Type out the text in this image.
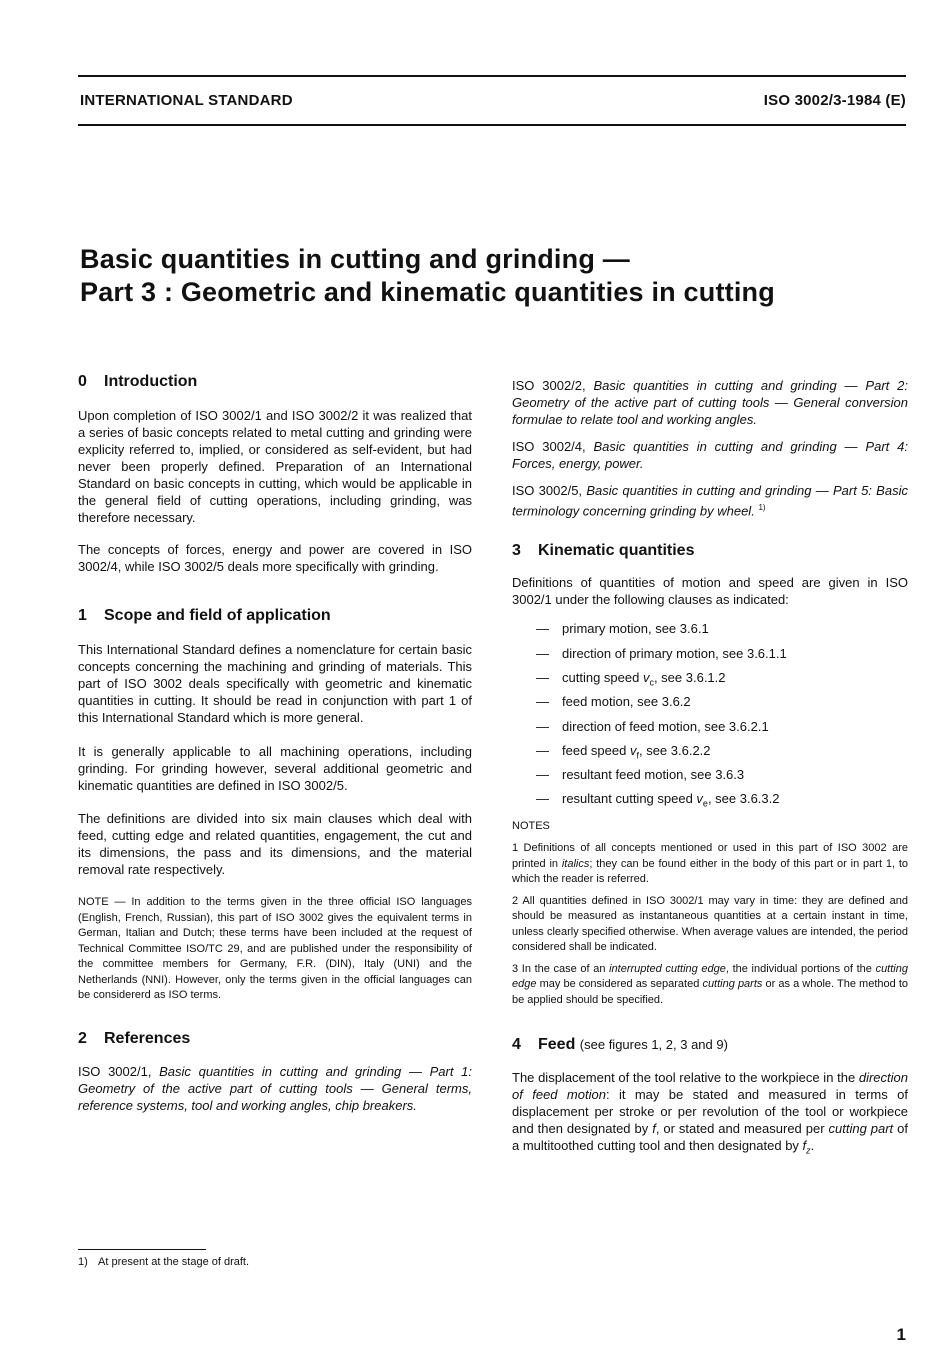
INTERNATIONAL STANDARD	ISO 3002/3-1984 (E)
Basic quantities in cutting and grinding —
Part 3 : Geometric and kinematic quantities in cutting
0 Introduction

Upon completion of ISO 3002/1 and ISO 3002/2 it was realized that a series of basic concepts related to metal cutting and grinding were explicity referred to, implied, or considered as self-evident, but had never been properly defined. Preparation of an International Standard on basic concepts in cutting, which would be applicable in the general field of cutting operations, including grinding, was therefore necessary.

The concepts of forces, energy and power are covered in ISO 3002/4, while ISO 3002/5 deals more specifically with grinding.

1 Scope and field of application

This International Standard defines a nomenclature for certain basic concepts concerning the machining and grinding of materials. This part of ISO 3002 deals specifically with geometric and kinematic quantities in cutting. It should be read in conjunction with part 1 of this International Standard which is more general.

It is generally applicable to all machining operations, including grinding. For grinding however, several additional geometric and kinematic quantities are defined in ISO 3002/5.

The definitions are divided into six main clauses which deal with feed, cutting edge and related quantities, engagement, the cut and its dimensions, the pass and its dimensions, and the material removal rate respectively.

NOTE — In addition to the terms given in the three official ISO languages (English, French, Russian), this part of ISO 3002 gives the equivalent terms in German, Italian and Dutch; these terms have been included at the request of Technical Committee ISO/TC 29, and are published under the responsibility of the committee members for Germany, F.R. (DIN), Italy (UNI) and the Netherlands (NNI). However, only the terms given in the official languages can be considererd as ISO terms.

2 References

ISO 3002/1, Basic quantities in cutting and grinding — Part 1: Geometry of the active part of cutting tools — General terms, reference systems, tool and working angles, chip breakers.

ISO 3002/2, Basic quantities in cutting and grinding — Part 2: Geometry of the active part of cutting tools — General conversion formulae to relate tool and working angles.

ISO 3002/4, Basic quantities in cutting and grinding — Part 4: Forces, energy, power.

ISO 3002/5, Basic quantities in cutting and grinding — Part 5: Basic terminology concerning grinding by wheel. $^{1)}$

3 Kinematic quantities

Definitions of quantities of motion and speed are given in ISO 3002/1 under the following clauses as indicated:

— primary motion, see 3.6.1
— direction of primary motion, see 3.6.1.1
— cutting speed $v_c$, see 3.6.1.2
— feed motion, see 3.6.2
— direction of feed motion, see 3.6.2.1
— feed speed $v_f$, see 3.6.2.2
— resultant feed motion, see 3.6.3
— resultant cutting speed $v_e$, see 3.6.3.2
NOTES

1 Definitions of all concepts mentioned or used in this part of ISO 3002 are printed in italics; they can be found either in the body of this part or in part 1, to which the reader is referred.

2 All quantities defined in ISO 3002/1 may vary in time: they are defined and should be measured as instantaneous quantities at a certain instant in time, unless clearly specified otherwise. When average values are intended, the period considered shall be indicated.

3 In the case of an interrupted cutting edge, the individual portions of the cutting edge may be considered as separated cutting parts or as a whole. The method to be applied should be specified.

4 Feed (see figures 1, 2, 3 and 9)

The displacement of the tool relative to the workpiece in the direction of feed motion: it may be stated and measured in terms of displacement per stroke or per revolution of the tool or workpiece and then designated by f, or stated and measured per cutting part of a multitoothed cutting tool and then designated by $f_z$.

1) At present at the stage of draft.
1
